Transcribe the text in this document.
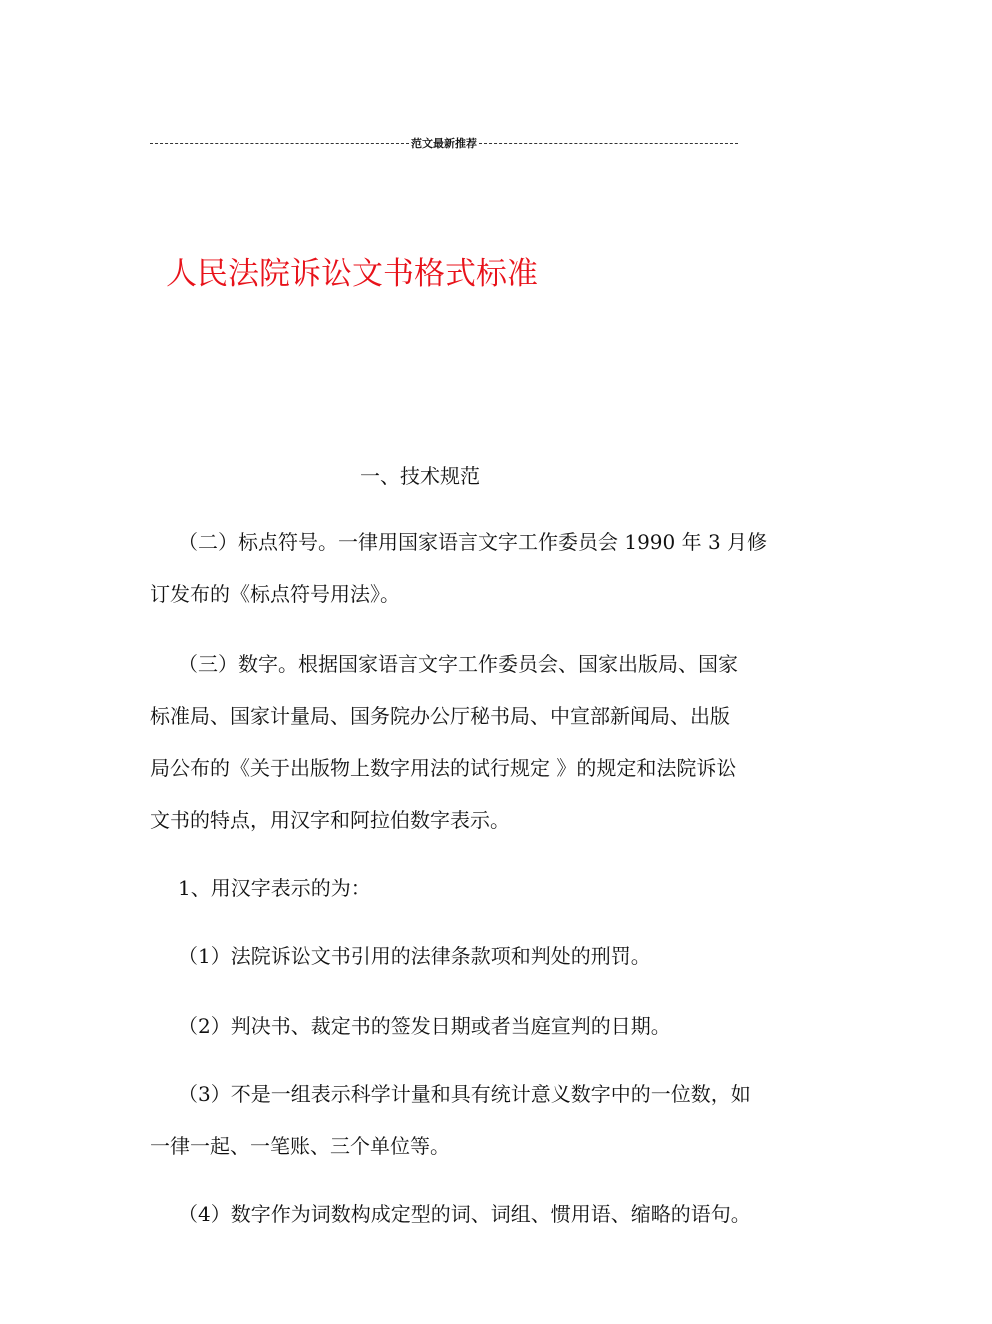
范文最新推荐
人民法院诉讼文书格式标准
一、技术规范

（二）标点符号。一律用国家语言文字工作委员会 1990 年 3 月修
订发布的《标点符号用法》。

（三）数字。根据国家语言文字工作委员会、国家出版局、国家
标准局、国家计量局、国务院办公厅秘书局、中宣部新闻局、出版
局公布的《关于出版物上数字用法的试行规定 》的规定和法院诉讼
文书的特点，用汉字和阿拉伯数字表示。

1、用汉字表示的为：

（1）法院诉讼文书引用的法律条款项和判处的刑罚。

（2）判决书、裁定书的签发日期或者当庭宣判的日期。

（3）不是一组表示科学计量和具有统计意义数字中的一位数，如
一律一起、一笔账、三个单位等。

（4）数字作为词数构成定型的词、词组、惯用语、缩略的语句。
